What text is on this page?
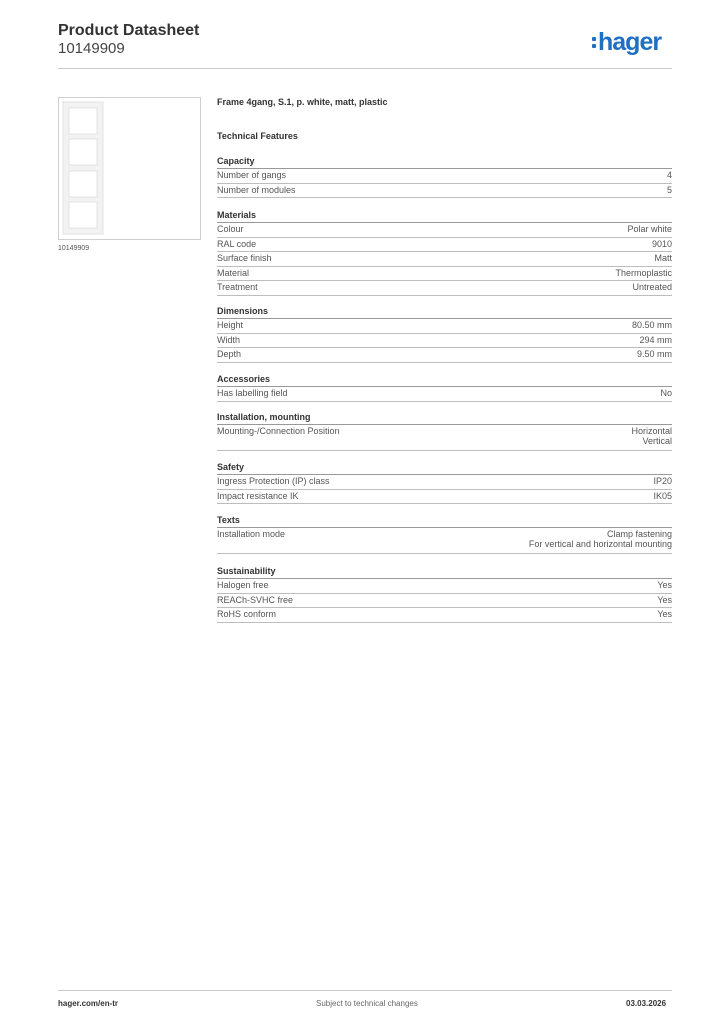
Product Datasheet
10149909	hager
10149909
Frame 4gang, S.1, p. white, matt, plastic
Technical Features
Capacity
Number of gangs	4
Number of modules	5
Materials
Colour	Polar white
RAL code	9010
Surface finish	Matt
Material	Thermoplastic
Treatment	Untreated
Dimensions
Height	80.50 mm
Width	294 mm
Depth	9.50 mm
Accessories
Has labelling field	No
Installation, mounting
Mounting-/Connection Position	Horizontal
Vertical
Safety
Ingress Protection (IP) class	IP20
Impact resistance IK	IK05
Texts
Installation mode	Clamp fastening
For vertical and horizontal mounting
Sustainability
Halogen free	Yes
REACh-SVHC free	Yes
RoHS conform	Yes
hager.com/en-tr	Subject to technical changes	03.03.2026
